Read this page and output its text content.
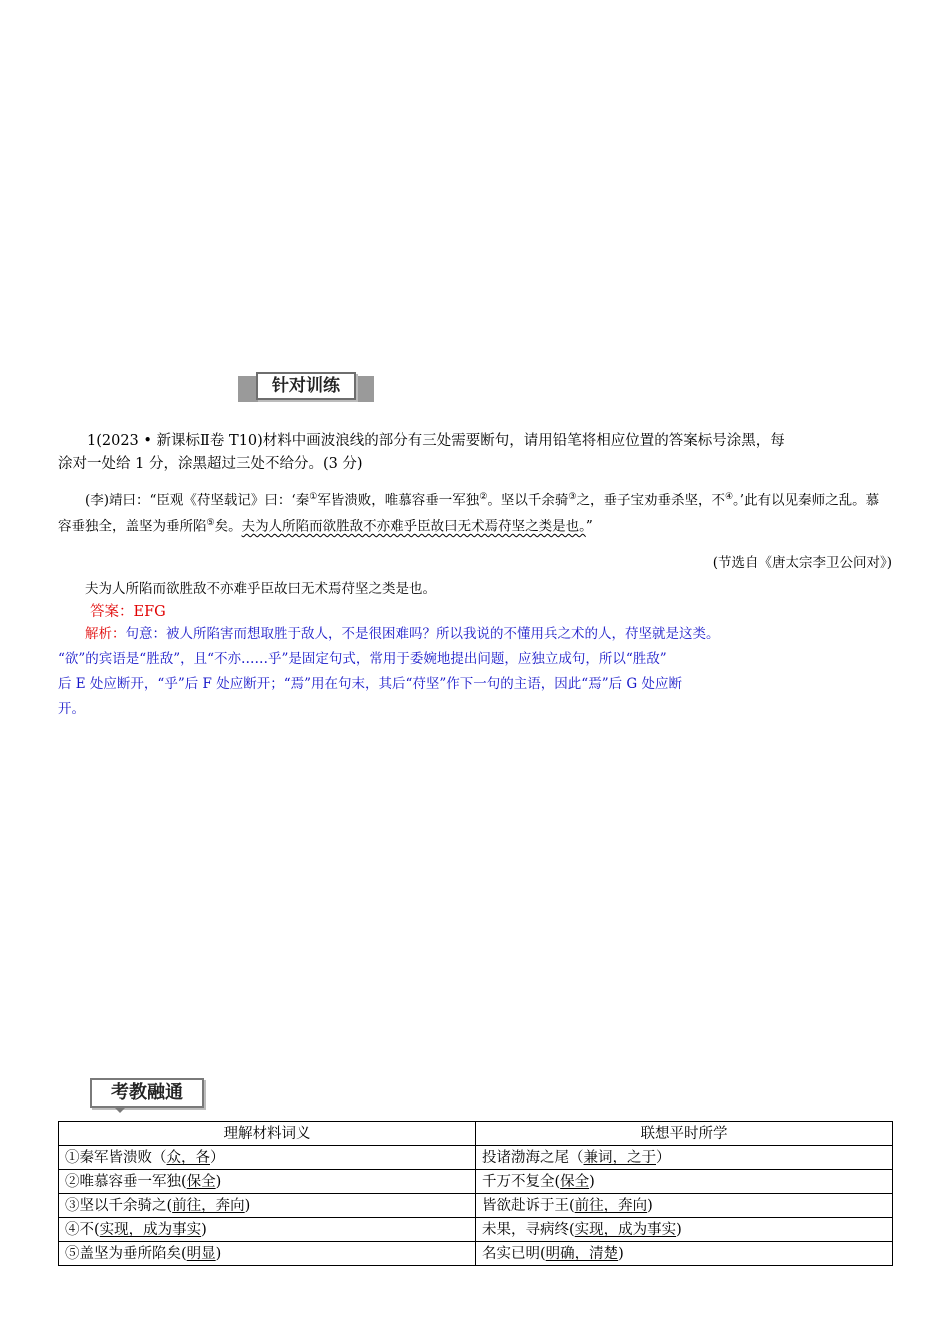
针对训练

1(2023 • 新课标Ⅱ卷 T10)材料中画波浪线的部分有三处需要断句，请用铅笔将相应位置的答案标号涂黑，每

涂对一处给 1 分，涂黑超过三处不给分。(3 分)

(李)靖曰：“臣观《苻坚载记》曰：‘秦①军皆溃败，唯慕容垂一军独②。坚以千余骑③之，垂子宝劝垂杀坚，不④。’此有以见秦师之乱。慕容垂独全，盖坚为垂所陷⑤矣。夫为人所陷而欲胜敌不亦难乎臣故曰无术焉苻坚之类是也。”

(节选自《唐太宗李卫公问对》)

夫为人所陷而欲胜敌不亦难乎臣故曰无术焉苻坚之类是也。

答案：EFG
解析：句意：被人所陷害而想取胜于敌人，不是很困难吗？所以我说的不懂用兵之术的人，苻坚就是这类。
“欲”的宾语是“胜敌”，且“不亦……乎”是固定句式，常用于委婉地提出问题，应独立成句，所以“胜敌”
后 E 处应断开，“乎”后 F 处应断开；“焉”用在句末，其后“苻坚”作下一句的主语，因此“焉”后 G 处应断
开。
考教融通
理解材料词义	联想平时所学
①秦军皆溃败（众，各）	投诸渤海之尾（兼词，之于）
②唯慕容垂一军独(保全)	千万不复全(保全)
③坚以千余骑之(前往，奔向)	皆欲赴诉于王(前往，奔向)
④不(实现，成为事实)	未果，寻病终(实现，成为事实)
⑤盖坚为垂所陷矣(明显)	名实已明(明确，清楚)
